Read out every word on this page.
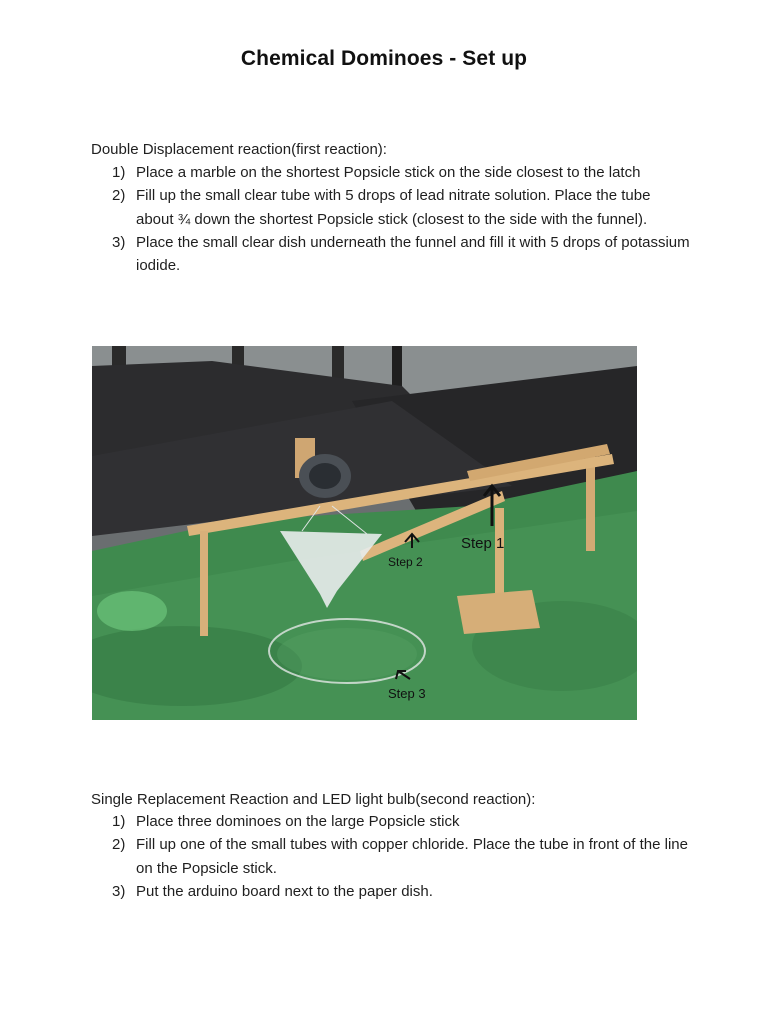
Chemical Dominoes - Set up
Double Displacement reaction(first reaction):
1) Place a marble on the shortest Popsicle stick on the side closest to the latch
2) Fill up the small clear tube with 5 drops of lead nitrate solution. Place the tube about ¾ down the shortest Popsicle stick (closest to the side with the funnel).
3) Place the small clear dish underneath the funnel and fill it with 5 drops of potassium iodide.
Step 1
Step 2
Step 3
Single Replacement Reaction and LED light bulb(second reaction):
1) Place three dominoes on the large Popsicle stick
2) Fill up one of the small tubes with copper chloride. Place the tube in front of the line on the Popsicle stick.
3) Put the arduino board next to the paper dish.
